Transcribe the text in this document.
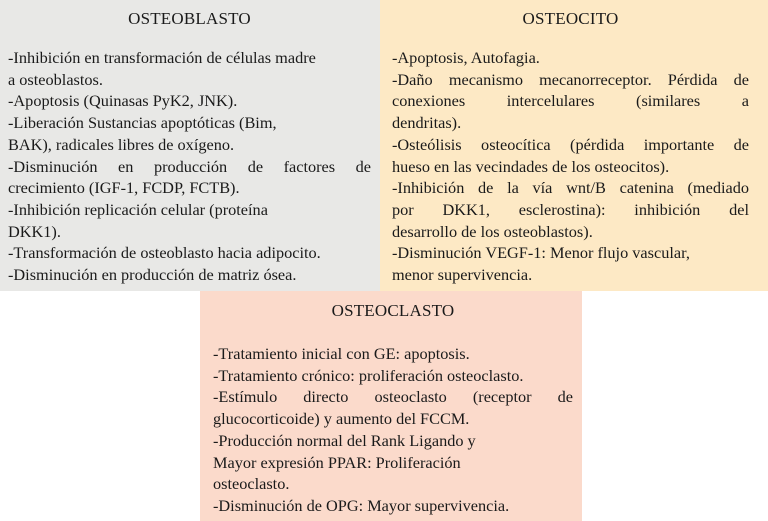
OSTEOBLASTO
-Inhibición en transformación de células madre
a osteoblastos.
-Apoptosis (Quinasas PyK2, JNK).
-Liberación Sustancias apoptóticas (Bim,
BAK), radicales libres de oxígeno.
-Disminución en producción de factores de
crecimiento (IGF-1, FCDP, FCTB).
-Inhibición replicación celular (proteína
DKK1).
-Transformación de osteoblasto hacia adipocito.
-Disminución en producción de matriz ósea.
OSTEOCITO
-Apoptosis, Autofagia.
-Daño mecanismo mecanorreceptor. Pérdida de
conexiones intercelulares (similares a
dendritas).
-Osteólisis osteocítica (pérdida importante de
hueso en las vecindades de los osteocitos).
-Inhibición de la vía wnt/B catenina (mediado
por DKK1, esclerostina): inhibición del
desarrollo de los osteoblastos).
-Disminución VEGF-1: Menor flujo vascular,
menor supervivencia.
OSTEOCLASTO
-Tratamiento inicial con GE: apoptosis.
-Tratamiento crónico: proliferación osteoclasto.
-Estímulo directo osteoclasto (receptor de
glucocorticoide) y aumento del FCCM.
-Producción normal del Rank Ligando y
Mayor expresión PPAR: Proliferación
osteoclasto.
-Disminución de OPG: Mayor supervivencia.
